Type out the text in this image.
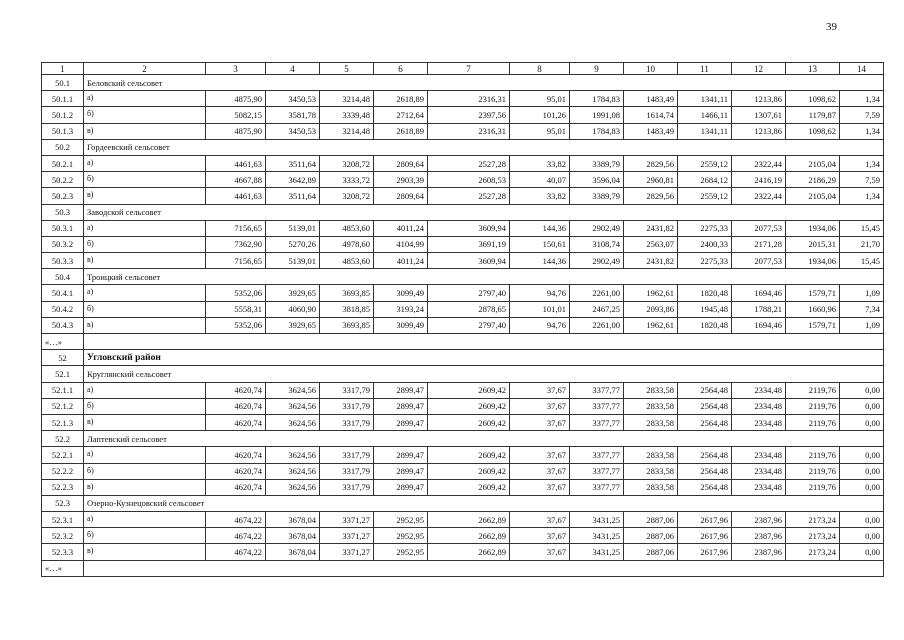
39
1	2	3	4	5	6	7	8	9	10	11	12	13	14
50.1	Беловский сельсовет												
50.1.1	а)	4875,90	3450,53	3214,48	2618,89	2316,31	95,01	1784,83	1483,49	1341,11	1213,86	1098,62	1,34
50.1.2	б)	5082,15	3581,78	3339,48	2712,64	2397,56	101,26	1991,08	1614,74	1466,11	1307,61	1179,87	7,59
50.1.3	в)	4875,90	3450,53	3214,48	2618,89	2316,31	95,01	1784,83	1483,49	1341,11	1213,86	1098,62	1,34
50.2	Гордеевский сельсовет												
50.2.1	а)	4461,63	3511,64	3208,72	2809,64	2527,28	33,82	3389,79	2829,56	2559,12	2322,44	2105,04	1,34
50.2.2	б)	4667,88	3642,89	3333,72	2903,39	2608,53	40,07	3596,04	2960,81	2684,12	2416,19	2186,29	7,59
50.2.3	в)	4461,63	3511,64	3208,72	2809,64	2527,28	33,82	3389,79	2829,56	2559,12	2322,44	2105,04	1,34
50.3	Заводской сельсовет												
50.3.1	а)	7156,65	5139,01	4853,60	4011,24	3609,94	144,36	2902,49	2431,82	2275,33	2077,53	1934,06	15,45
50.3.2	б)	7362,90	5270,26	4978,60	4104,99	3691,19	150,61	3108,74	2563,07	2400,33	2171,28	2015,31	21,70
50.3.3	в)	7156,65	5139,01	4853,60	4011,24	3609,94	144,36	2902,49	2431,82	2275,33	2077,53	1934,06	15,45
50.4	Троицкий сельсовет												
50.4.1	а)	5352,06	3929,65	3693,85	3099,49	2797,40	94,76	2261,00	1962,61	1820,48	1694,46	1579,71	1,09
50.4.2	б)	5558,31	4060,90	3818,85	3193,24	2878,65	101,01	2467,25	2093,86	1945,48	1788,21	1660,96	7,34
50.4.3	в)	5352,06	3929,65	3693,85	3099,49	2797,40	94,76	2261,00	1962,61	1820,48	1694,46	1579,71	1,09
«…»													
52	Угловский район												
52.1	Круглянский сельсовет												
52.1.1	а)	4620,74	3624,56	3317,79	2899,47	2609,42	37,67	3377,77	2833,58	2564,48	2334,48	2119,76	0,00
52.1.2	б)	4620,74	3624,56	3317,79	2899,47	2609,42	37,67	3377,77	2833,58	2564,48	2334,48	2119,76	0,00
52.1.3	в)	4620,74	3624,56	3317,79	2899,47	2609,42	37,67	3377,77	2833,58	2564,48	2334,48	2119,76	0,00
52.2	Лаптевский сельсовет												
52.2.1	а)	4620,74	3624,56	3317,79	2899,47	2609,42	37,67	3377,77	2833,58	2564,48	2334,48	2119,76	0,00
52.2.2	б)	4620,74	3624,56	3317,79	2899,47	2609,42	37,67	3377,77	2833,58	2564,48	2334,48	2119,76	0,00
52.2.3	в)	4620,74	3624,56	3317,79	2899,47	2609,42	37,67	3377,77	2833,58	2564,48	2334,48	2119,76	0,00
52.3	Озерно-Кузнецовский сельсовет												
52.3.1	а)	4674,22	3678,04	3371,27	2952,95	2662,89	37,67	3431,25	2887,06	2617,96	2387,96	2173,24	0,00
52.3.2	б)	4674,22	3678,04	3371,27	2952,95	2662,89	37,67	3431,25	2887,06	2617,96	2387,96	2173,24	0,00
52.3.3	в)	4674,22	3678,04	3371,27	2952,95	2662,89	37,67	3431,25	2887,06	2617,96	2387,96	2173,24	0,00
«…»													
